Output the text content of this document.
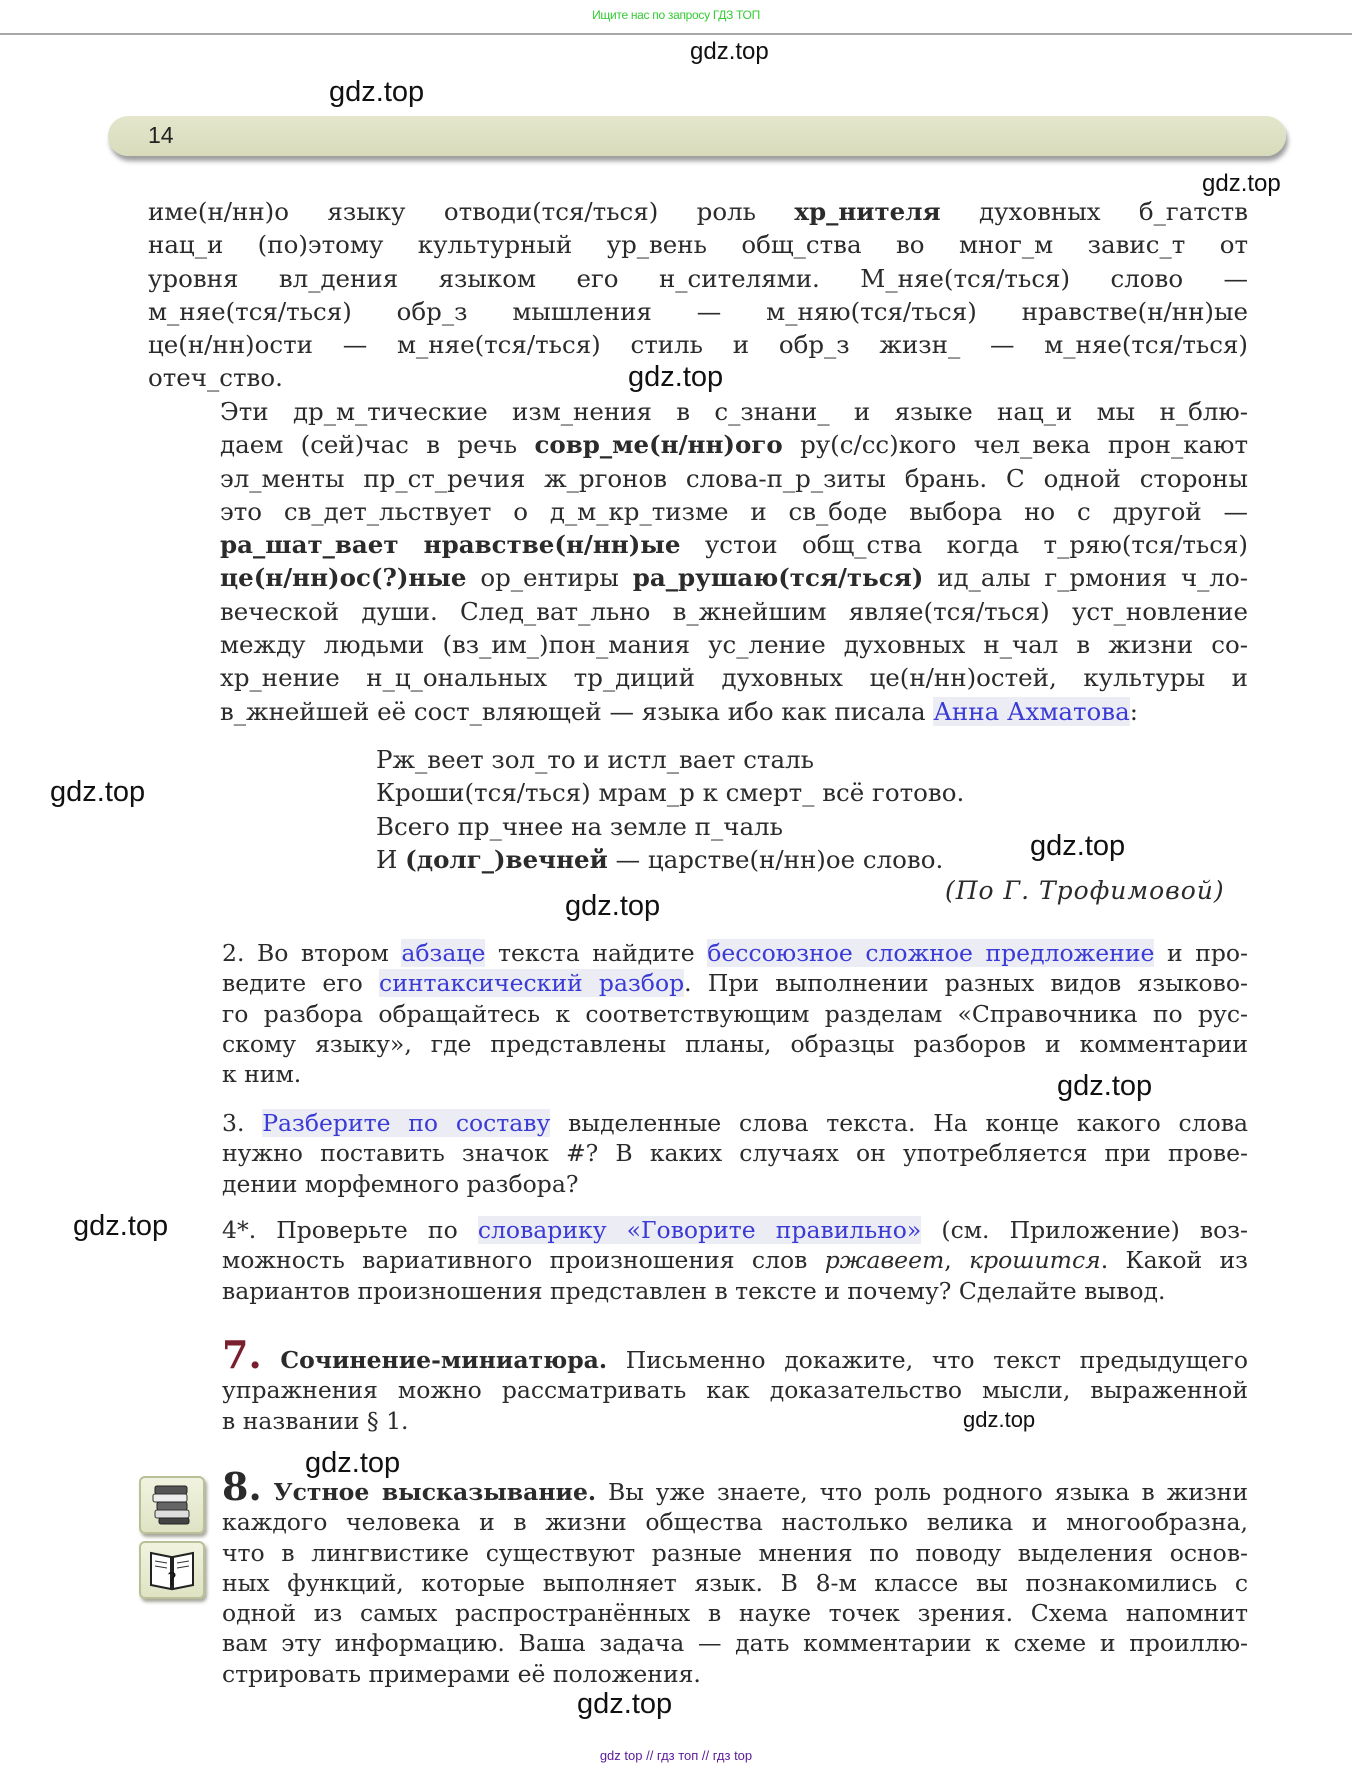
Ищите нас по запросу ГДЗ ТОП
gdz.top
gdz.top
gdz.top
gdz.top
gdz.top
gdz.top
gdz.top
gdz.top
gdz.top
gdz.top
gdz.top
gdz.top
14
име(н/нн)о языку отводи(тся/ться) роль хр_нителя духовных б_гатств
нац_и (по)этому культурный ур_вень общ_ства во мног_м завис_т от
уровня вл_дения языком его н_сителями. М_няе(тся/ться) слово —
м_няе(тся/ться) обр_з мышления — м_няю(тся/ться) нравстве(н/нн)ые
це(н/нн)ости — м_няе(тся/ться) стиль и обр_з жизн_ — м_няе(тся/ться)
отеч_ство.
Эти др_м_тические изм_нения в с_знани_ и языке нац_и мы н_блю-
даем (сей)час в речь совр_ме(н/нн)ого ру(с/сс)кого чел_века прон_кают
эл_менты пр_ст_речия ж_ргонов слова-п_р_зиты брань. С одной стороны
это св_дет_льствует о д_м_кр_тизме и св_боде выбора но с другой —
ра_шат_вает нравстве(н/нн)ые устои общ_ства когда т_ряю(тся/ться)
це(н/нн)ос(?)ные ор_ентиры ра_рушаю(тся/ться) ид_алы г_рмония ч_ло-
веческой души. След_ват_льно в_жнейшим являе(тся/ться) уст_новление
между людьми (вз_им_)пон_мания ус_ление духовных н_чал в жизни со-
хр_нение н_ц_ональных тр_диций духовных це(н/нн)остей, культуры и
в_жнейшей её сост_вляющей — языка ибо как писала Анна Ахматова:
Рж_веет зол_то и истл_вает сталь
Кроши(тся/ться) мрам_р к смерт_ всё готово.
Всего пр_чнее на земле п_чаль
И (долг_)вечней — царстве(н/нн)ое слово.
(По Г. Трофимовой)
2. Во втором абзаце текста найдите бессоюзное сложное предложение и про-
ведите его синтаксический разбор. При выполнении разных видов языково-
го разбора обращайтесь к соответствующим разделам «Справочника по рус-
скому языку», где представлены планы, образцы разборов и комментарии
к ним.
3. Разберите по составу выделенные слова текста. На конце какого слова
нужно поставить значок #? В каких случаях он употребляется при прове-
дении морфемного разбора?
4*. Проверьте по словарику «Говорите правильно» (см. Приложение) воз-
можность вариативного произношения слов ржавеет, крошится. Какой из
вариантов произношения представлен в тексте и почему? Сделайте вывод.
7. Сочинение-миниатюра. Письменно докажите, что текст предыдущего
упражнения можно рассматривать как доказательство мысли, выраженной
в названии § 1.
?
8. Устное высказывание. Вы уже знаете, что роль родного языка в жизни
каждого человека и в жизни общества настолько велика и многообразна,
что в лингвистике существуют разные мнения по поводу выделения основ-
ных функций, которые выполняет язык. В 8-м классе вы познакомились с
одной из самых распространённых в науке точек зрения. Схема напомнит
вам эту информацию. Ваша задача — дать комментарии к схеме и проиллю-
стрировать примерами её положения.
gdz top // гдз топ // гдз top
